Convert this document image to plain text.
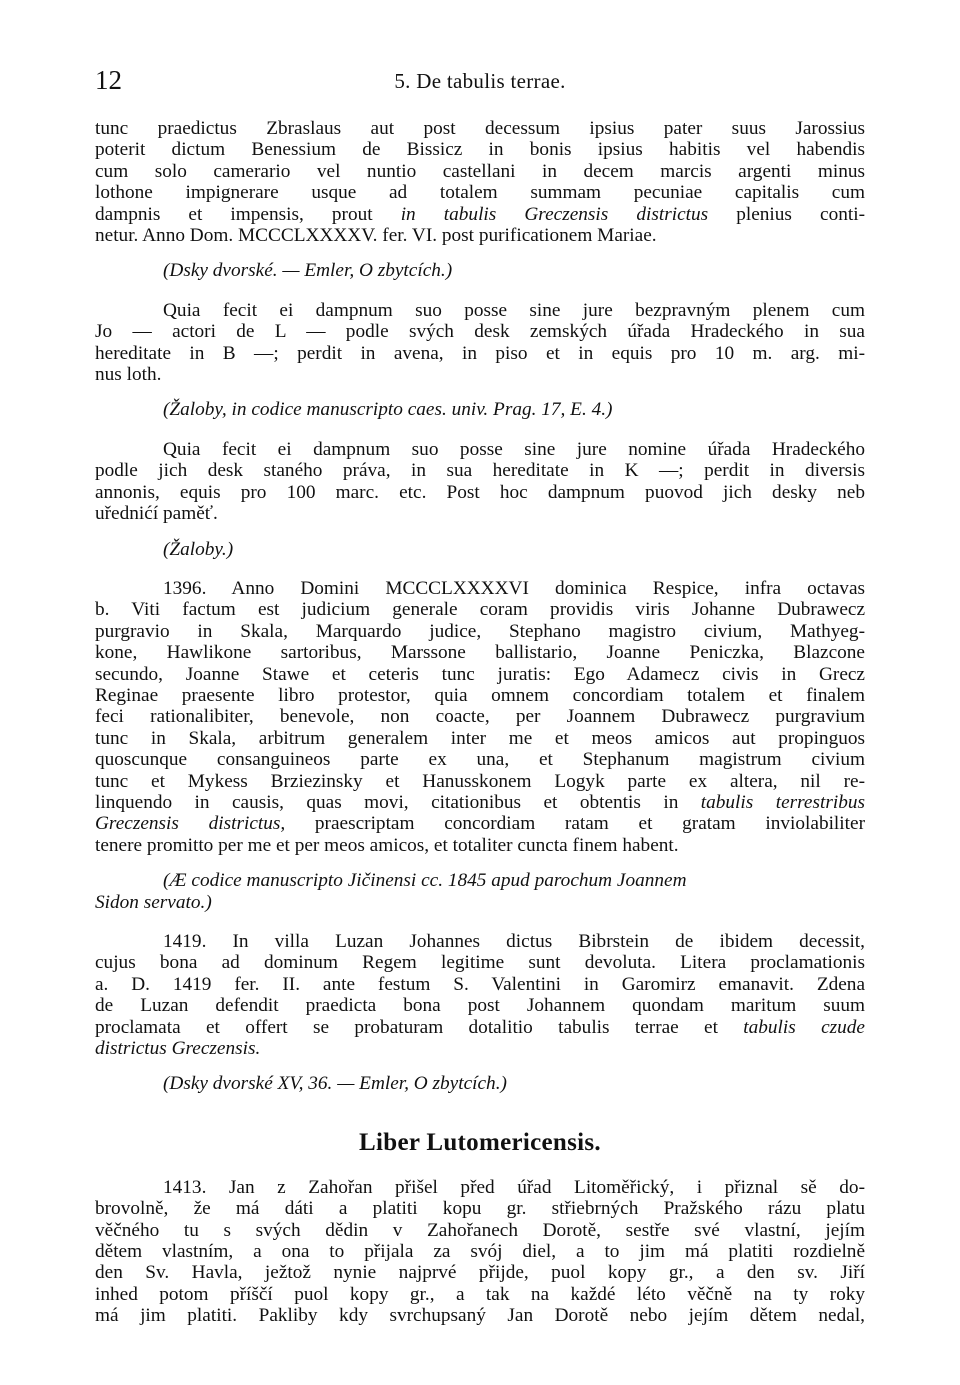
12	5. De tabulis terrae.

tunc praedictus Zbraslaus aut post decessum ipsius pater suus Jarossius
poterit dictum Benessium de Bissicz in bonis ipsius habitis vel habendis
cum solo camerario vel nuntio castellani in decem marcis argenti minus
lothone impignerare usque ad totalem summam pecuniae capitalis cum
dampnis et impensis, prout in tabulis Greczensis districtus plenius conti-
netur. Anno Dom. MCCCLXXXXV. fer. VI. post purificationem Mariae.

(Dsky dvorské. — Emler, O zbytcích.)

Quia fecit ei dampnum suo posse sine jure bezpravným plenem cum
Jo — actori de L — podle svých desk zemských úřada Hradeckého in sua
hereditate in B —; perdit in avena, in piso et in equis pro 10 m. arg. mi-
nus loth.

(Žaloby, in codice manuscripto caes. univ. Prag. 17, E. 4.)

Quia fecit ei dampnum suo posse sine jure nomine úřada Hradeckého
podle jich desk staného práva, in sua hereditate in K —; perdit in diversis
annonis, equis pro 100 marc. etc. Post hoc dampnum puovod jich desky neb
uřednićí paměť.

(Žaloby.)

1396. Anno Domini MCCCLXXXXVI dominica Respice, infra octavas
b. Viti factum est judicium generale coram providis viris Johanne Dubrawecz
purgravio in Skala, Marquardo judice, Stephano magistro civium, Mathyeg-
kone, Hawlikone sartoribus, Marssone ballistario, Joanne Peniczka, Blazcone
secundo, Joanne Stawe et ceteris tunc juratis: Ego Adamecz civis in Grecz
Reginae praesente libro protestor, quia omnem concordiam totalem et finalem
feci rationalibiter, benevole, non coacte, per Joannem Dubrawecz purgravium
tunc in Skala, arbitrum generalem inter me et meos amicos aut propinguos
quoscunque consanguineos parte ex una, et Stephanum magistrum civium
tunc et Mykess Brziezinsky et Hanusskonem Logyk parte ex altera, nil re-
linquendo in causis, quas movi, citationibus et obtentis in tabulis terrestribus
Greczensis districtus, praescriptam concordiam ratam et gratam inviolabiliter
tenere promitto per me et per meos amicos, et totaliter cuncta finem habent.

(Æ codice manuscripto Jičinensi cc. 1845 apud parochum Joannem
Sidon servato.)

1419. In villa Luzan Johannes dictus Bibrstein de ibidem decessit,
cujus bona ad dominum Regem legitime sunt devoluta. Litera proclamationis
a. D. 1419 fer. II. ante festum S. Valentini in Garomirz emanavit. Zdena
de Luzan defendit praedicta bona post Johannem quondam maritum suum
proclamata et offert se probaturam dotalitio tabulis terrae et tabulis czude
districtus Greczensis.

(Dsky dvorské XV, 36. — Emler, O zbytcích.)

Liber Lutomericensis.

1413. Jan z Zahořan přišel před úřad Litoměřický, i přiznal sě do-
brovolně, že má dáti a platiti kopu gr. střiebrných Pražského rázu platu
věčného tu s svých dědin v Zahořanech Dorotě, sestře své vlastní, jejím
dětem vlastním, a ona to přijala za svój diel, a to jim má platiti rozdielně
den Sv. Havla, ježtož nynie najprvé přijde, puol kopy gr., a den sv. Jiří
inhed potom příščí puol kopy gr., a tak na každé léto věčně na ty roky
má jim platiti. Pakliby kdy svrchupsaný Jan Dorotě nebo jejím dětem nedal,
